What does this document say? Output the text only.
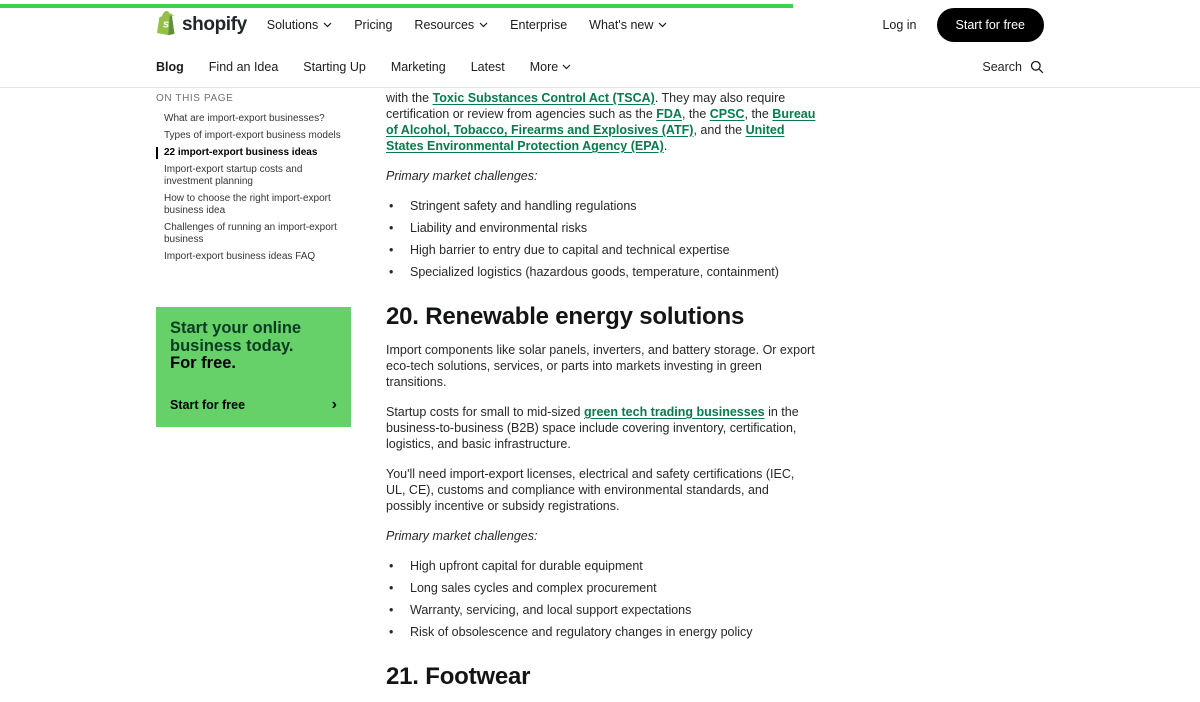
s shopify Solutions	Pricing Resources	Enterprise What's new	Log in	Start for free
Blog Find an Idea Starting Up Marketing Latest More	Search
ON THIS PAGE
What are import-export businesses?
Types of import-export business models
22 import-export business ideas
Import-export startup costs and investment planning
How to choose the right import-export business idea
Challenges of running an import-export business
Import-export business ideas FAQ
Start your online business today.
For free.
Start for free	›

with the Toxic Substances Control Act (TSCA). They may also require certification or review from agencies such as the FDA, the CPSC, the Bureau of Alcohol, Tobacco, Firearms and Explosives (ATF), and the United States Environmental Protection Agency (EPA).

Primary market challenges:

• Stringent safety and handling regulations
• Liability and environmental risks
• High barrier to entry due to capital and technical expertise
• Specialized logistics (hazardous goods, temperature, containment)
20. Renewable energy solutions

Import components like solar panels, inverters, and battery storage. Or export eco-tech solutions, services, or parts into markets investing in green transitions.

Startup costs for small to mid-sized green tech trading businesses in the business-to-business (B2B) space include covering inventory, certification, logistics, and basic infrastructure.

You'll need import-export licenses, electrical and safety certifications (IEC, UL, CE), customs and compliance with environmental standards, and possibly incentive or subsidy registrations.

Primary market challenges:

• High upfront capital for durable equipment
• Long sales cycles and complex procurement
• Warranty, servicing, and local support expectations
• Risk of obsolescence and regulatory changes in energy policy
21. Footwear
